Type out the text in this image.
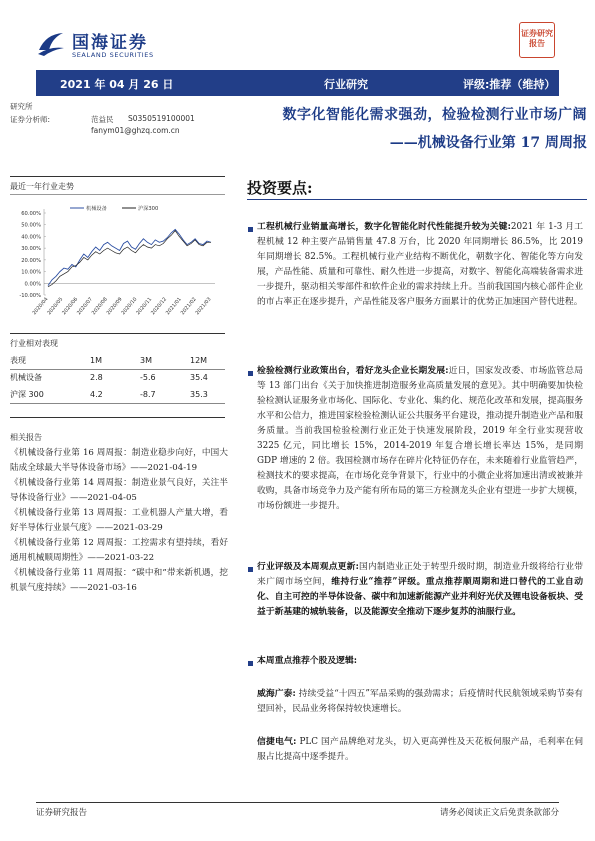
国海证券
SEALAND SECURITIES
证券研究报告
2021 年 04 月 26 日	行业研究	评级:推荐（维持）
研究所
证券分析师:	范益民 S0350519100001
fanym01@ghzq.com.cn
数字化智能化需求强劲，检验检测行业市场广阔
——机械设备行业第 17 周周报
最近一年行业走势
60.00%
50.00%
40.00%
30.00%
20.00%
10.00%
0.00%
-10.00%
2020/04
2020/05
2020/06
2020/07
2020/08
2020/09
2020/10
2020/11
2020/12
2021/01
2021/02
2021/03
机械设备	沪深300
行业相对表现
表现	1M	3M	12M
机械设备	2.8	-5.6	35.4
沪深 300	4.2	-8.7	35.3
相关报告

《机械设备行业第 16 周周报：制造业稳步向好，中国大陆成全球最大半导体设备市场》——2021-04-19

《机械设备行业第 14 周周报：制造业景气良好，关注半导体设备行业》——2021-04-05

《机械设备行业第 13 周周报：工业机器人产量大增，看好半导体行业景气度》——2021-03-29

《机械设备行业第 12 周周报：工控需求有望持续，看好通用机械顺周期性》——2021-03-22

《机械设备行业第 11 周周报：“碳中和”带来新机遇，挖机景气度持续》——2021-03-16

投资要点:
工程机械行业销量高增长，数字化智能化时代性能提升较为关键:2021 年 1-3 月工程机械 12 种主要产品销售量 47.8 万台，比 2020 年同期增长 86.5%，比 2019 年同期增长 82.5%。工程机械行业产业结构不断优化，朝数字化、智能化等方向发展，产品性能、质量和可靠性、耐久性进一步提高，对数字、智能化高端装备需求进一步提升，驱动相关零部件和软件企业的需求持续上升。当前我国国内核心部件企业的市占率正在逐步提升，产品性能及客户服务方面累计的优势正加速国产替代进程。
检验检测行业政策出台，看好龙头企业长期发展:近日，国家发改委、市场监管总局等 13 部门出台《关于加快推进制造服务业高质量发展的意见》。其中明确要加快检验检测认证服务业市场化、国际化、专业化、集约化、规范化改革和发展，提高服务水平和公信力，推进国家检验检测认证公共服务平台建设，推动提升制造业产品和服务质量。当前我国检验检测行业正处于快速发展阶段，2019 年全行业实现营收 3225 亿元，同比增长 15%，2014-2019 年复合增长增长率达 15%，是同期 GDP 增速的 2 倍。我国检测市场存在碎片化特征仍存在，未来随着行业监管趋严，检测技术的要求提高，在市场化竞争背景下，行业中的小微企业将加速出清或被兼并收购，具备市场竞争力及产能有所布局的第三方检测龙头企业有望进一步扩大规模，市场份额进一步提升。
行业评级及本周观点更新:国内制造业正处于转型升级时期，制造业升级将给行业带来广阔市场空间，维持行业“推荐”评级。重点推荐顺周期和进口替代的工业自动化、自主可控的半导体设备、碳中和加速新能源产业并利好光伏及锂电设备板块、受益于新基建的城轨装备，以及能源安全推动下逐步复苏的油服行业。
本周重点推荐个股及逻辑:
威海广泰: 持续受益“十四五”军品采购的强劲需求；后疫情时代民航领域采购节奏有望回补，民品业务将保持较快速增长。
信捷电气: PLC 国产品牌绝对龙头，切入更高弹性及天花板伺服产品，毛利率在伺服占比提高中逐季提升。
证券研究报告	请务必阅读正文后免责条款部分
